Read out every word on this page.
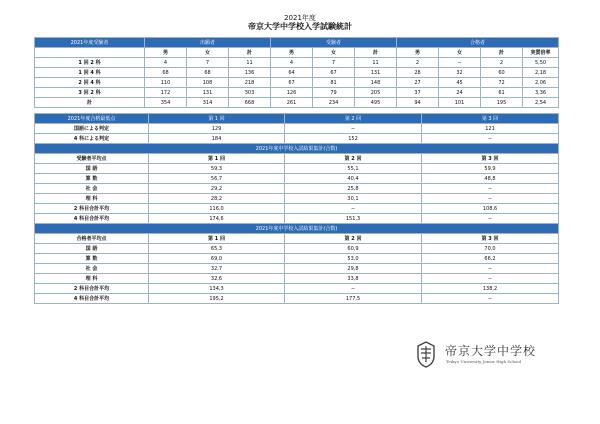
2021年度
帝京大学中学校入学試験統計
2021年度受験者	出願者			受験者			合格者			
	男	女	計	男	女	計	男	女	計	実質倍率
1 回 2 科	4	7	11	4	7	11	2	−	2	5,50
1 回 4 科	68	68	136	64	67	131	28	32	60	2,18
2 回 4 科	110	108	218	67	81	148	27	45	72	2,06
3 回 2 科	172	131	303	126	79	205	37	24	61	3,36
計	354	314	668	261	234	495	94	101	195	2,54
2021年度合格最低点	第 1 回	第 2 回	第 3 回
国語による判定	129	−	121
4 科による判定	184	152	−
2021年度中学校入試結果集計(合数)			
受験者平均点	第 1 回	第 2 回	第 3 回
国 語	59,3	55,1	59,9
算 数	56,7	40,4	48,8
社 会	29,2	25,8	−
理 科	28,2	30,1	−
2 科目合計平均	116,0	−	108,6
4 科目合計平均	174,6	151,3	−
2021年度中学校入試結果集計(合数)			
合格者平均点	第 1 回	第 2 回	第 3 回
国 語	65,3	60,9	70,0
算 数	69,0	53,0	66,2
社 会	32,7	29,8	−
理 科	32,6	33,8	−
2 科目合計平均	134,3	−	138,2
4 科目合計平均	195,2	177,5	−
帝京大学中学校
Teikyo University Junior High School
